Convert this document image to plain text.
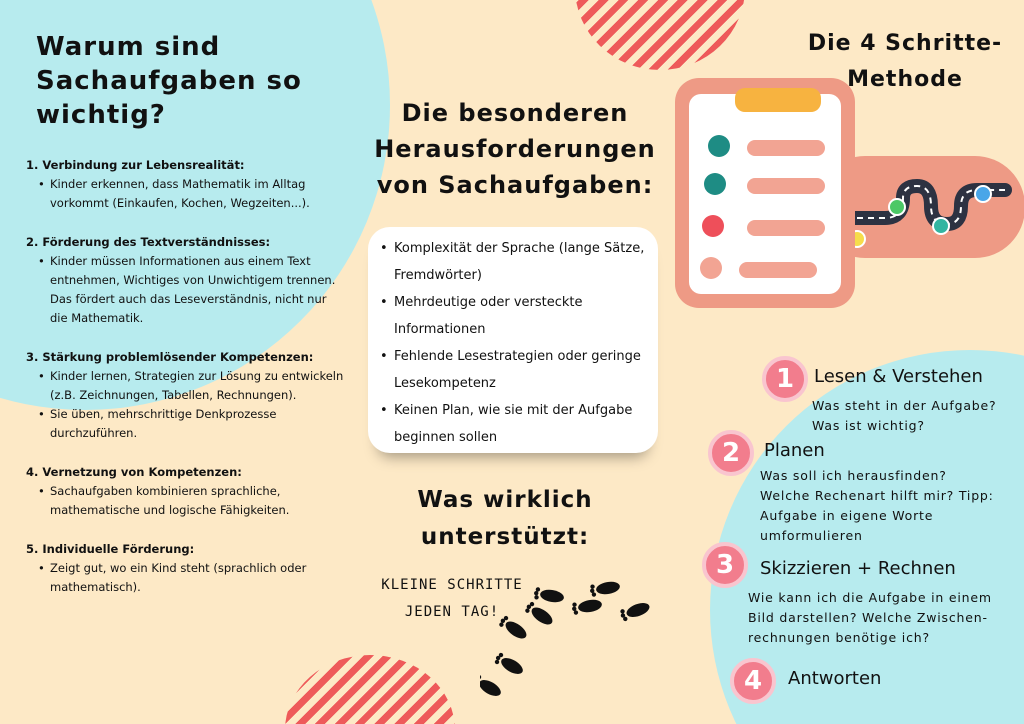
Warum sind Sachaufgaben so wichtig?
1. Verbindung zur Lebensrealität:
• Kinder erkennen, dass Mathematik im Alltag vorkommt (Einkaufen, Kochen, Wegzeiten...).
2. Förderung des Textverständnisses:
• Kinder müssen Informationen aus einem Text entnehmen, Wichtiges von Unwichtigem trennen. Das fördert auch das Leseverständnis, nicht nur die Mathematik.
3. Stärkung problemlösender Kompetenzen:
• Kinder lernen, Strategien zur Lösung zu entwickeln (z.B. Zeichnungen, Tabellen, Rechnungen).
• Sie üben, mehrschrittige Denkprozesse durchzuführen.
4. Vernetzung von Kompetenzen:
• Sachaufgaben kombinieren sprachliche, mathematische und logische Fähigkeiten.
5. Individuelle Förderung:
• Zeigt gut, wo ein Kind steht (sprachlich oder mathematisch).
Die besonderen Herausforderungen von Sachaufgaben:
• Komplexität der Sprache (lange Sätze, Fremdwörter)
• Mehrdeutige oder versteckte Informationen
• Fehlende Lesestrategien oder geringe Lesekompetenz
• Keinen Plan, wie sie mit der Aufgabe beginnen sollen
Was wirklich unterstützt:
KLEINE SCHRITTE
JEDEN TAG!
Die 4 Schritte-Methode
1	Lesen & Verstehen
Was steht in der Aufgabe? Was ist wichtig?
2	Planen
Was soll ich herausfinden? Welche Rechenart hilft mir? Tipp: Aufgabe in eigene Worte umformulieren
3	Skizzieren + Rechnen
Wie kann ich die Aufgabe in einem Bild darstellen? Welche Zwischen-rechnungen benötige ich?
4	Antworten
